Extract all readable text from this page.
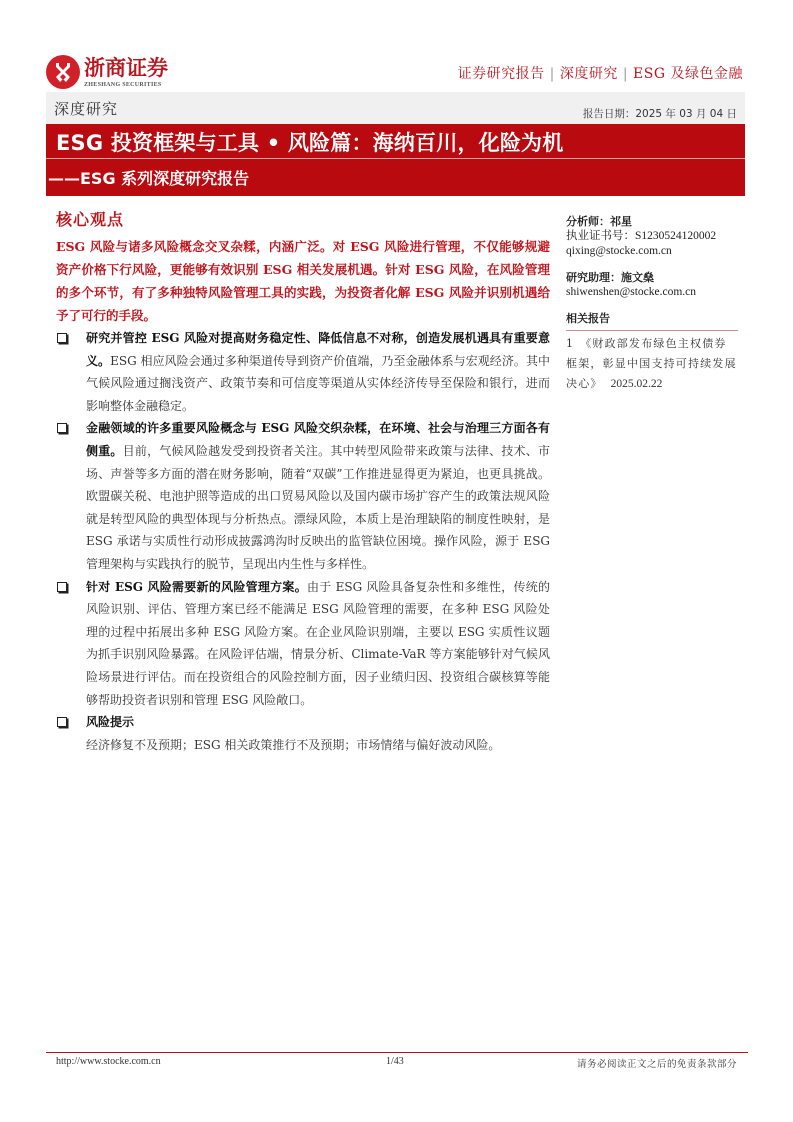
浙商证券
ZHESHANG SECURITIES
证券研究报告 | 深度研究 | ESG 及绿色金融
深度研究	报告日期：2025 年 03 月 04 日
ESG 投资框架与工具 • 风险篇：海纳百川，化险为机
——ESG 系列深度研究报告
核心观点
ESG 风险与诸多风险概念交叉杂糅，内涵广泛。对 ESG 风险进行管理，不仅能够规避资产价格下行风险，更能够有效识别 ESG 相关发展机遇。针对 ESG 风险，在风险管理的多个环节，有了多种独特风险管理工具的实践，为投资者化解 ESG 风险并识别机遇给予了可行的手段。
研究并管控 ESG 风险对提高财务稳定性、降低信息不对称，创造发展机遇具有重要意义。ESG 相应风险会通过多种渠道传导到资产价值端，乃至金融体系与宏观经济。其中气候风险通过搁浅资产、政策节奏和可信度等渠道从实体经济传导至保险和银行，进而影响整体金融稳定。
金融领域的许多重要风险概念与 ESG 风险交织杂糅，在环境、社会与治理三方面各有侧重。目前，气候风险越发受到投资者关注。其中转型风险带来政策与法律、技术、市场、声誉等多方面的潜在财务影响，随着“双碳”工作推进显得更为紧迫，也更具挑战。欧盟碳关税、电池护照等造成的出口贸易风险以及国内碳市场扩容产生的政策法规风险就是转型风险的典型体现与分析热点。漂绿风险，本质上是治理缺陷的制度性映射，是 ESG 承诺与实质性行动形成披露鸿沟时反映出的监管缺位困境。操作风险，源于 ESG 管理架构与实践执行的脱节，呈现出内生性与多样性。
针对 ESG 风险需要新的风险管理方案。由于 ESG 风险具备复杂性和多维性，传统的风险识别、评估、管理方案已经不能满足 ESG 风险管理的需要，在多种 ESG 风险处理的过程中拓展出多种 ESG 风险方案。在企业风险识别端，主要以 ESG 实质性议题为抓手识别风险暴露。在风险评估端，情景分析、Climate-VaR 等方案能够针对气候风险场景进行评估。而在投资组合的风险控制方面，因子业绩归因、投资组合碳核算等能够帮助投资者识别和管理 ESG 风险敞口。
风险提示
经济修复不及预期；ESG 相关政策推行不及预期；市场情绪与偏好波动风险。
分析师：祁星
执业证书号：S1230524120002
qixing@stocke.com.cn
研究助理：施文燊
shiwenshen@stocke.com.cn
相关报告
1 《财政部发布绿色主权债券框架，彰显中国支持可持续发展决心》 2025.02.22
http://www.stocke.com.cn	1/43	请务必阅读正文之后的免责条款部分
